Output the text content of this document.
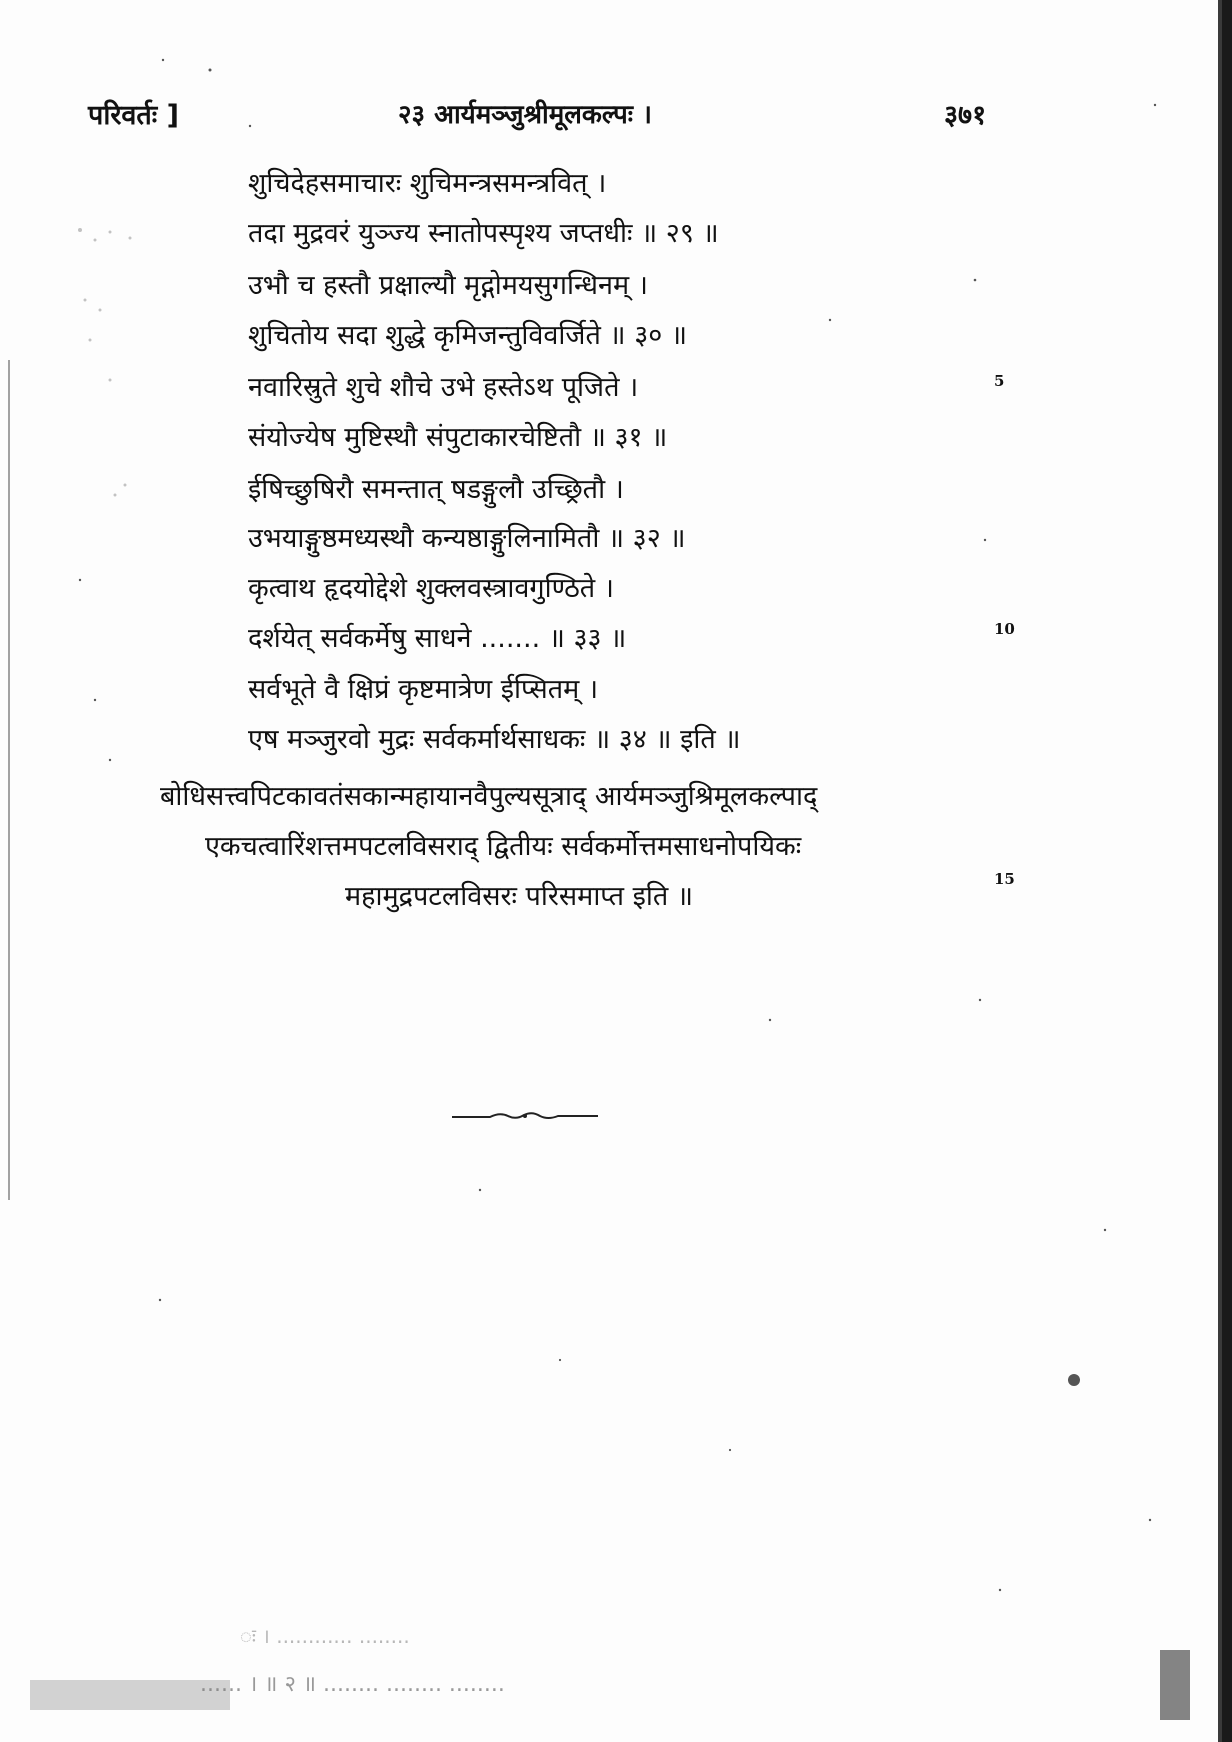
परिवर्तः ]	२३ आर्यमञ्जुश्रीमूलकल्पः ।	३७१
शुचिदेहसमाचारः शुचिमन्त्रसमन्त्रवित् ।
तदा मुद्रवरं युञ्ज्य स्नातोपस्पृश्य जप्तधीः ॥ २९ ॥
उभौ च हस्तौ प्रक्षाल्यौ मृद्गोमयसुगन्धिनम् ।
शुचितोय सदा शुद्धे कृमिजन्तुविवर्जिते ॥ ३० ॥
नवारिस्रुते शुचे शौचे उभे हस्तेऽथ पूजिते ।
संयोज्येष मुष्टिस्थौ संपुटाकारचेष्टितौ ॥ ३१ ॥
ईषिच्छुषिरौ समन्तात् षडङ्गुलौ उच्छ्रितौ ।
उभयाङ्गुष्ठमध्यस्थौ कन्यष्ठाङ्गुलिनामितौ ॥ ३२ ॥
कृत्वाथ हृदयोद्देशे शुक्लवस्त्रावगुण्ठिते ।
दर्शयेत् सर्वकर्मेषु साधने ....... ॥ ३३ ॥
सर्वभूते वै क्षिप्रं कृष्टमात्रेण ईप्सितम् ।
एष मञ्जुरवो मुद्रः सर्वकर्मार्थसाधकः ॥ ३४ ॥ इति ॥
5
10
15
बोधिसत्त्वपिटकावतंसकान्महायानवैपुल्यसूत्राद् आर्यमञ्जुश्रिमूलकल्पाद्
एकचत्वारिंशत्तमपटलविसराद् द्वितीयः सर्वकर्मोत्तमसाधनोपयिकः
महामुद्रपटलविसरः परिसमाप्त इति ॥
ः । ............ ........
...... । ॥ २ ॥ ........ ........ ........
